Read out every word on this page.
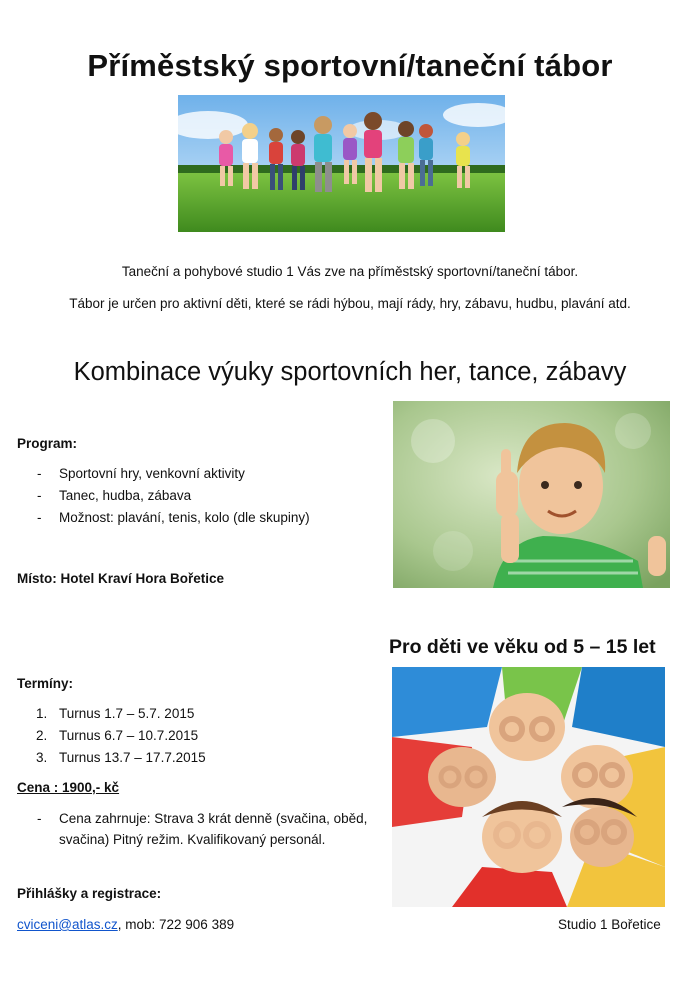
Příměstský sportovní/taneční tábor
Taneční a pohybové studio 1 Vás zve na příměstský sportovní/taneční tábor.
Tábor je určen pro aktivní děti, které se rádi hýbou, mají rády, hry, zábavu, hudbu, plavání atd.
Kombinace výuky sportovních her, tance, zábavy
Program:
- Sportovní hry, venkovní aktivity
- Tanec, hudba, zábava
- Možnost: plavání, tenis, kolo (dle skupiny)
Místo: Hotel Kraví Hora Bořetice
Pro děti ve věku od 5 – 15 let
Termíny:
1. Turnus 1.7 – 5.7. 2015
2. Turnus 6.7 – 10.7.2015
3. Turnus 13.7 – 17.7.2015
Cena : 1900,- kč
- Cena zahrnuje: Strava 3 krát denně (svačina, oběd, svačina) Pitný režim. Kvalifikovaný personál.
Přihlášky a registrace:
cviceni@atlas.cz, mob: 722 906 389	Studio 1 Bořetice
